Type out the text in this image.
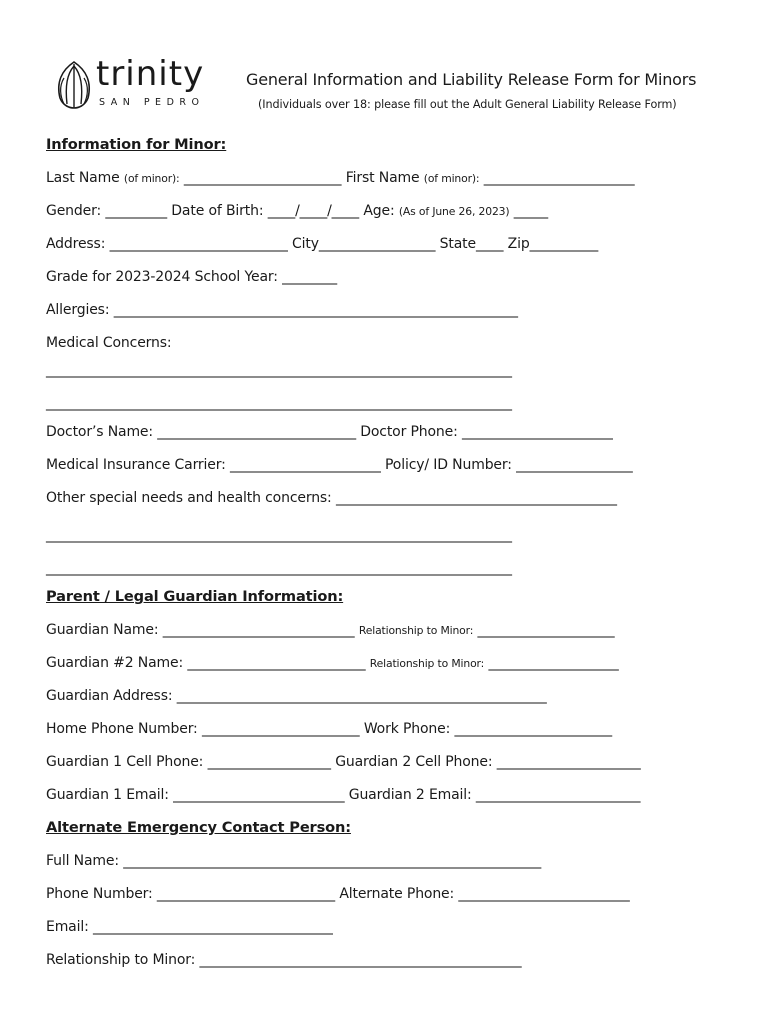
trinity
SAN PEDRO
General Information and Liability Release Form for Minors
(Individuals over 18: please fill out the Adult General Liability Release Form)
Information for Minor:
Last Name (of minor): _______________________ First Name (of minor): ______________________
Gender: _________ Date of Birth: ____/____/____ Age: (As of June 26, 2023) _____
Address: __________________________ City_________________ State____ Zip__________
Grade for 2023-2024 School Year: ________
Allergies: ___________________________________________________________
Medical Concerns:
____________________________________________________________________
____________________________________________________________________
Doctor’s Name: _____________________________ Doctor Phone: ______________________
Medical Insurance Carrier: ______________________ Policy/ ID Number: _________________
Other special needs and health concerns: _________________________________________
____________________________________________________________________
____________________________________________________________________
Parent / Legal Guardian Information:
Guardian Name: ____________________________ Relationship to Minor: ____________________
Guardian #2 Name: __________________________ Relationship to Minor: ___________________
Guardian Address: ______________________________________________________
Home Phone Number: _______________________ Work Phone: _______________________
Guardian 1 Cell Phone: __________________ Guardian 2 Cell Phone: _____________________
Guardian 1 Email: _________________________ Guardian 2 Email: ________________________
Alternate Emergency Contact Person:
Full Name: _____________________________________________________________
Phone Number: __________________________ Alternate Phone: _________________________
Email: ___________________________________
Relationship to Minor: _______________________________________________
